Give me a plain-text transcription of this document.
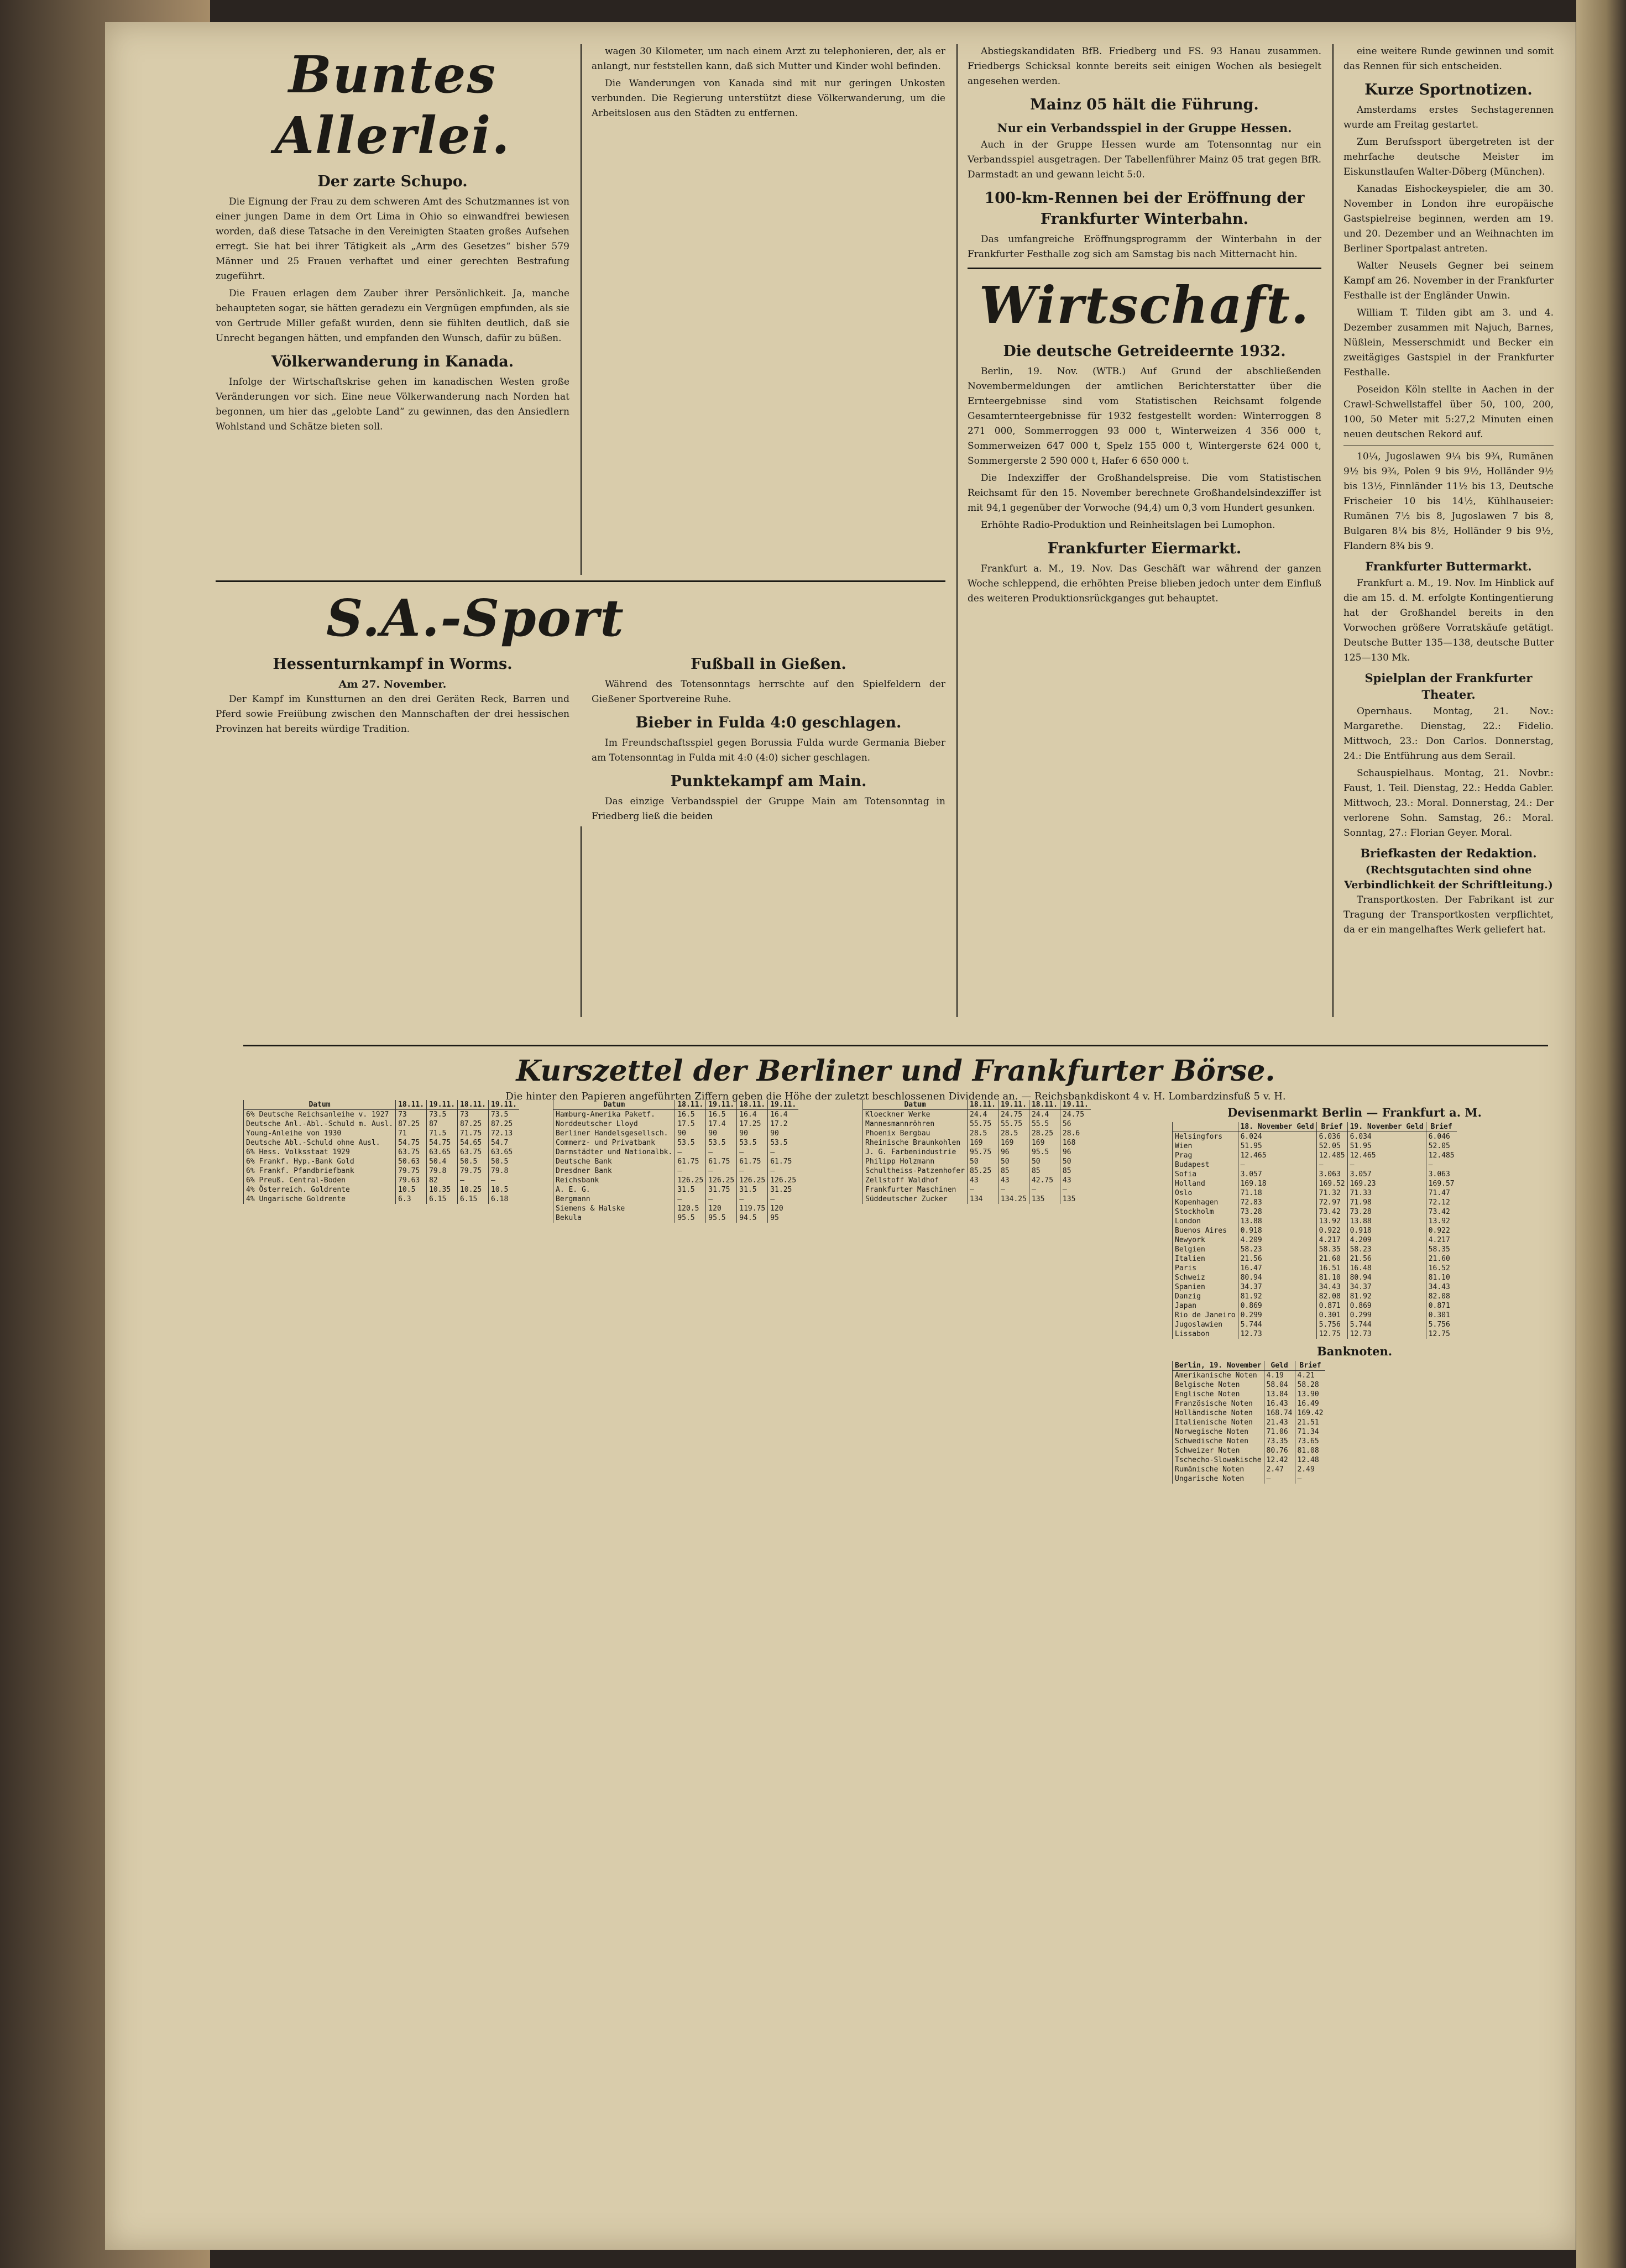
Buntes Allerlei.
Der zarte Schupo.

Die Eignung der Frau zu dem schweren Amt des Schutzmannes ist von einer jungen Dame in dem Ort Lima in Ohio so einwandfrei bewiesen worden, daß diese Tatsache in den Vereinigten Staaten großes Aufsehen erregt. Sie hat bei ihrer Tätigkeit als „Arm des Gesetzes“ bisher 579 Männer und 25 Frauen verhaftet und einer gerechten Bestrafung zugeführt.

Die Frauen erlagen dem Zauber ihrer Persönlichkeit. Ja, manche behaupteten sogar, sie hätten geradezu ein Vergnügen empfunden, als sie von Gertrude Miller gefaßt wurden, denn sie fühlten deutlich, daß sie Unrecht begangen hätten, und empfanden den Wunsch, dafür zu büßen.

Völkerwanderung in Kanada.

Infolge der Wirtschaftskrise gehen im kanadischen Westen große Veränderungen vor sich. Eine neue Völkerwanderung nach Norden hat begonnen, um hier das „gelobte Land“ zu gewinnen, das den Ansiedlern Wohlstand und Schätze bieten soll.

wagen 30 Kilometer, um nach einem Arzt zu telephonieren, der, als er anlangt, nur feststellen kann, daß sich Mutter und Kinder wohl befinden.

Die Wanderungen von Kanada sind mit nur geringen Unkosten verbunden. Die Regierung unterstützt diese Völkerwanderung, um die Arbeitslosen aus den Städten zu entfernen.

Abstiegskandidaten BfB. Friedberg und FS. 93 Hanau zusammen. Friedbergs Schicksal konnte bereits seit einigen Wochen als besiegelt angesehen werden.

Mainz 05 hält die Führung.
Nur ein Verbandsspiel in der Gruppe Hessen.

Auch in der Gruppe Hessen wurde am Totensonntag nur ein Verbandsspiel ausgetragen. Der Tabellenführer Mainz 05 trat gegen BfR. Darmstadt an und gewann leicht 5:0.

100-km-Rennen bei der Eröffnung der Frankfurter Winterbahn.

Das umfangreiche Eröffnungsprogramm der Winterbahn in der Frankfurter Festhalle zog sich am Samstag bis nach Mitternacht hin.

Wirtschaft.
Die deutsche Getreideernte 1932.

Berlin, 19. Nov. (WTB.) Auf Grund der abschließenden Novembermeldungen der amtlichen Berichterstatter über die Ernteergebnisse sind vom Statistischen Reichsamt folgende Gesamternteergebnisse für 1932 festgestellt worden: Winterroggen 8 271 000, Sommerroggen 93 000 t, Winterweizen 4 356 000 t, Sommerweizen 647 000 t, Spelz 155 000 t, Wintergerste 624 000 t, Sommergerste 2 590 000 t, Hafer 6 650 000 t.

Die Indexziffer der Großhandelspreise. Die vom Statistischen Reichsamt für den 15. November berechnete Großhandelsindexziffer ist mit 94,1 gegenüber der Vorwoche (94,4) um 0,3 vom Hundert gesunken.

Erhöhte Radio-Produktion und Reinheitslagen bei Lumophon.

Frankfurter Eiermarkt.

Frankfurt a. M., 19. Nov. Das Geschäft war während der ganzen Woche schleppend, die erhöhten Preise blieben jedoch unter dem Einfluß des weiteren Produktionsrückganges gut behauptet.

eine weitere Runde gewinnen und somit das Rennen für sich entscheiden.

Kurze Sportnotizen.

Amsterdams erstes Sechstagerennen wurde am Freitag gestartet.

Zum Berufssport übergetreten ist der mehrfache deutsche Meister im Eiskunstlaufen Walter-Döberg (München).

Kanadas Eishockeyspieler, die am 30. November in London ihre europäische Gastspielreise beginnen, werden am 19. und 20. Dezember und an Weihnachten im Berliner Sportpalast antreten.

Walter Neusels Gegner bei seinem Kampf am 26. November in der Frankfurter Festhalle ist der Engländer Unwin.

William T. Tilden gibt am 3. und 4. Dezember zusammen mit Najuch, Barnes, Nüßlein, Messerschmidt und Becker ein zweitägiges Gastspiel in der Frankfurter Festhalle.

Poseidon Köln stellte in Aachen in der Crawl-Schwellstaffel über 50, 100, 200, 100, 50 Meter mit 5:27,2 Minuten einen neuen deutschen Rekord auf.

10¼, Jugoslawen 9¼ bis 9¾, Rumänen 9½ bis 9¾, Polen 9 bis 9½, Holländer 9½ bis 13½, Finnländer 11½ bis 13, Deutsche Frischeier 10 bis 14½, Kühlhauseier: Rumänen 7½ bis 8, Jugoslawen 7 bis 8, Bulgaren 8¼ bis 8½, Holländer 9 bis 9½, Flandern 8¾ bis 9.

Frankfurter Buttermarkt.

Frankfurt a. M., 19. Nov. Im Hinblick auf die am 15. d. M. erfolgte Kontingentierung hat der Großhandel bereits in den Vorwochen größere Vorratskäufe getätigt. Deutsche Butter 135—138, deutsche Butter 125—130 Mk.

Spielplan der Frankfurter Theater.

Opernhaus. Montag, 21. Nov.: Margarethe. Dienstag, 22.: Fidelio. Mittwoch, 23.: Don Carlos. Donnerstag, 24.: Die Entführung aus dem Serail.

Schauspielhaus. Montag, 21. Novbr.: Faust, 1. Teil. Dienstag, 22.: Hedda Gabler. Mittwoch, 23.: Moral. Donnerstag, 24.: Der verlorene Sohn. Samstag, 26.: Moral. Sonntag, 27.: Florian Geyer. Moral.

Briefkasten der Redaktion.
(Rechtsgutachten sind ohne Verbindlichkeit der Schriftleitung.)

Transportkosten. Der Fabrikant ist zur Tragung der Transportkosten verpflichtet, da er ein mangelhaftes Werk geliefert hat.

S.A.-Sport
Hessenturnkampf in Worms.
Am 27. November.

Der Kampf im Kunstturnen an den drei Geräten Reck, Barren und Pferd sowie Freiübung zwischen den Mannschaften der drei hessischen Provinzen hat bereits würdige Tradition.

Fußball in Gießen.

Während des Totensonntags herrschte auf den Spielfeldern der Gießener Sportvereine Ruhe.

Bieber in Fulda 4:0 geschlagen.

Im Freundschaftsspiel gegen Borussia Fulda wurde Germania Bieber am Totensonntag in Fulda mit 4:0 (4:0) sicher geschlagen.

Punktekampf am Main.

Das einzige Verbandsspiel der Gruppe Main am Totensonntag in Friedberg ließ die beiden

Kurszettel der Berliner und Frankfurter Börse.
Die hinter den Papieren angeführten Ziffern geben die Höhe der zuletzt beschlossenen Dividende an. — Reichsbankdiskont 4 v. H. Lombardzinsfuß 5 v. H.
Datum	18.11.	19.11.	18.11.	19.11.
6% Deutsche Reichsanleihe v. 1927	73	73.5	73	73.5
Deutsche Anl.-Abl.-Schuld m. Ausl.	87.25	87	87.25	87.25
Young-Anleihe von 1930	71	71.5	71.75	72.13
Deutsche Abl.-Schuld ohne Ausl.	54.75	54.75	54.65	54.7
6% Hess. Volksstaat 1929	63.75	63.65	63.75	63.65
6% Frankf. Hyp.-Bank Gold	50.63	50.4	50.5	50.5
6% Frankf. Pfandbriefbank	79.75	79.8	79.75	79.8
6% Preuß. Central-Boden	79.63	82	—	—
4% Österreich. Goldrente	10.5	10.35	10.25	10.5
4% Ungarische Goldrente	6.3	6.15	6.15	6.18
Datum	18.11.	19.11.	18.11.	19.11.
Hamburg-Amerika Paketf.	16.5	16.5	16.4	16.4
Norddeutscher Lloyd	17.5	17.4	17.25	17.2
Berliner Handelsgesellsch.	90	90	90	90
Commerz- und Privatbank	53.5	53.5	53.5	53.5
Darmstädter und Nationalbk.	—	—	—	—
Deutsche Bank	61.75	61.75	61.75	61.75
Dresdner Bank	—	—	—	—
Reichsbank	126.25	126.25	126.25	126.25
A. E. G.	31.5	31.75	31.5	31.25
Bergmann	—	—	—	—
Siemens & Halske	120.5	120	119.75	120
Bekula	95.5	95.5	94.5	95
Datum	18.11.	19.11.	18.11.	19.11.
Kloeckner Werke	24.4	24.75	24.4	24.75
Mannesmannröhren	55.75	55.75	55.5	56
Phoenix Bergbau	28.5	28.5	28.25	28.6
Rheinische Braunkohlen	169	169	169	168
J. G. Farbenindustrie	95.75	96	95.5	96
Philipp Holzmann	50	50	50	50
Schultheiss-Patzenhofer	85.25	85	85	85
Zellstoff Waldhof	43	43	42.75	43
Frankfurter Maschinen	—	—	—	—
Süddeutscher Zucker	134	134.25	135	135
Devisenmarkt Berlin — Frankfurt a. M.
	18. November Geld	Brief	19. November Geld	Brief
Helsingfors	6.024	6.036	6.034	6.046
Wien	51.95	52.05	51.95	52.05
Prag	12.465	12.485	12.465	12.485
Budapest	—	—	—	—
Sofia	3.057	3.063	3.057	3.063
Holland	169.18	169.52	169.23	169.57
Oslo	71.18	71.32	71.33	71.47
Kopenhagen	72.83	72.97	71.98	72.12
Stockholm	73.28	73.42	73.28	73.42
London	13.88	13.92	13.88	13.92
Buenos Aires	0.918	0.922	0.918	0.922
Newyork	4.209	4.217	4.209	4.217
Belgien	58.23	58.35	58.23	58.35
Italien	21.56	21.60	21.56	21.60
Paris	16.47	16.51	16.48	16.52
Schweiz	80.94	81.10	80.94	81.10
Spanien	34.37	34.43	34.37	34.43
Danzig	81.92	82.08	81.92	82.08
Japan	0.869	0.871	0.869	0.871
Rio de Janeiro	0.299	0.301	0.299	0.301
Jugoslawien	5.744	5.756	5.744	5.756
Lissabon	12.73	12.75	12.73	12.75
Banknoten.
Berlin, 19. November	Geld	Brief
Amerikanische Noten	4.19	4.21
Belgische Noten	58.04	58.28
Englische Noten	13.84	13.90
Französische Noten	16.43	16.49
Holländische Noten	168.74	169.42
Italienische Noten	21.43	21.51
Norwegische Noten	71.06	71.34
Schwedische Noten	73.35	73.65
Schweizer Noten	80.76	81.08
Tschecho-Slowakische	12.42	12.48
Rumänische Noten	2.47	2.49
Ungarische Noten	—	—
